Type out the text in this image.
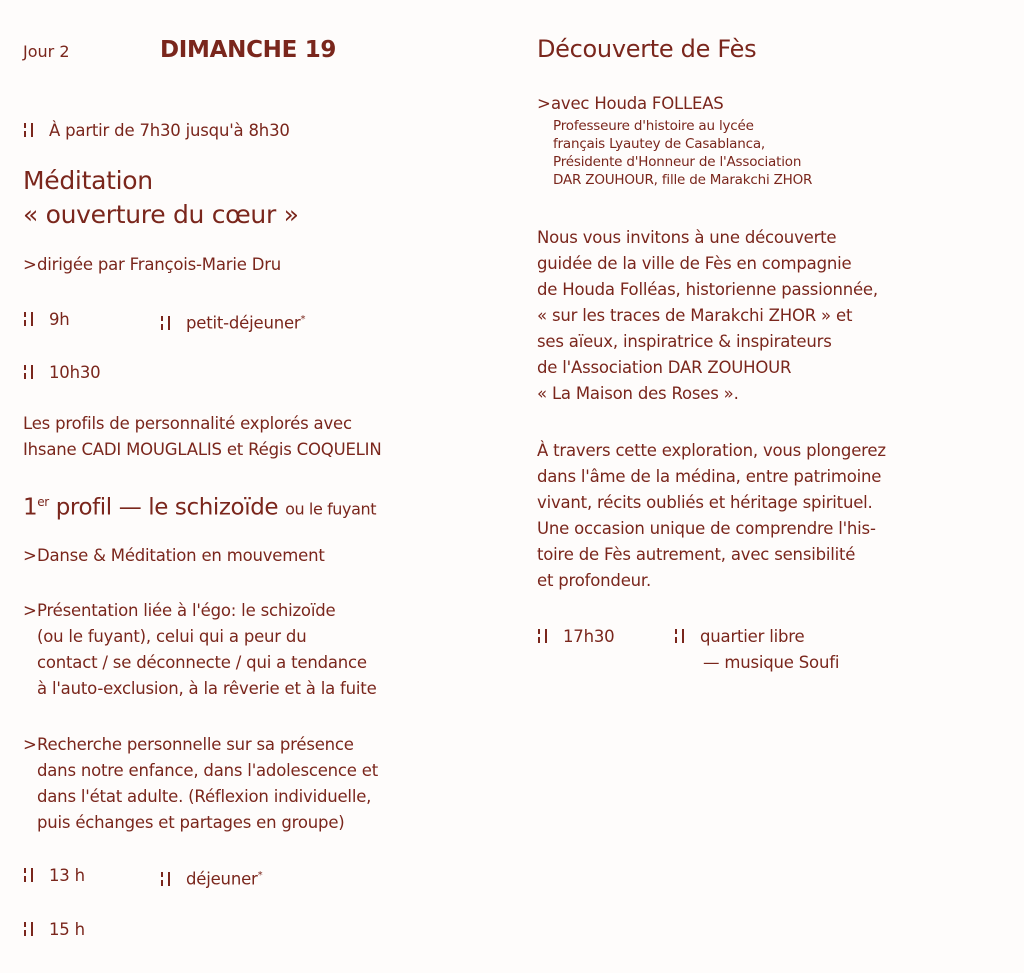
Jour 2	DIMANCHE 19
À partir de 7h30 jusqu'à 8h30
Méditation
« ouverture du cœur »
>dirigée par François-Marie Dru
9h	petit-déjeuner*
10h30
Les profils de personnalité explorés avec
Ihsane CADI MOUGLALIS et Régis COQUELIN
1er profil — le schizoïde ou le fuyant
>Danse & Méditation en mouvement
>Présentation liée à l'égo: le schizoïde
(ou le fuyant), celui qui a peur du
contact / se déconnecte / qui a tendance
à l'auto-exclusion, à la rêverie et à la fuite
>Recherche personnelle sur sa présence
dans notre enfance, dans l'adolescence et
dans l'état adulte. (Réflexion individuelle,
puis échanges et partages en groupe)
13 h	déjeuner*
15 h
Découverte de Fès
>avec Houda FOLLEAS
Professeure d'histoire au lycée
français Lyautey de Casablanca,
Présidente d'Honneur de l'Association
DAR ZOUHOUR, fille de Marakchi ZHOR
Nous vous invitons à une découverte
guidée de la ville de Fès en compagnie
de Houda Folléas, historienne passionnée,
« sur les traces de Marakchi ZHOR » et
ses aïeux, inspiratrice & inspirateurs
de l'Association DAR ZOUHOUR
« La Maison des Roses ».
À travers cette exploration, vous plongerez
dans l'âme de la médina, entre patrimoine
vivant, récits oubliés et héritage spirituel.
Une occasion unique de comprendre l'his-
toire de Fès autrement, avec sensibilité
et profondeur.
17h30	quartier libre
— musique Soufi
